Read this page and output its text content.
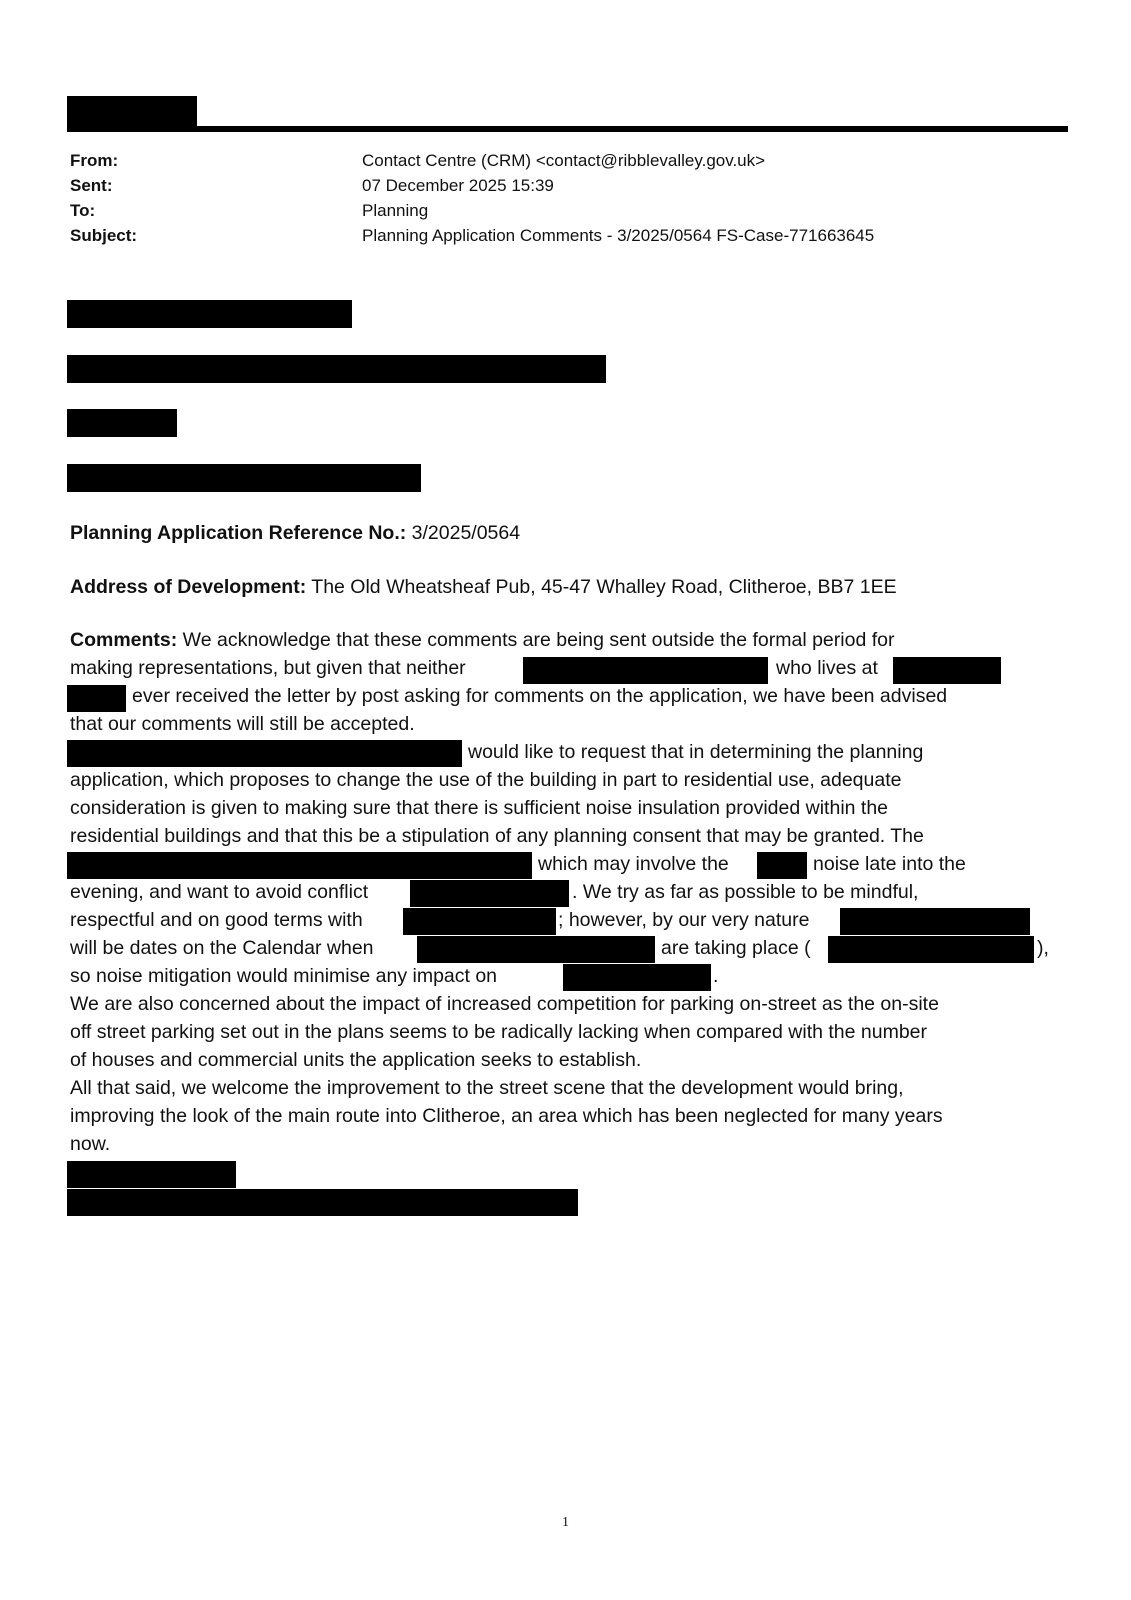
From:	Contact Centre (CRM) <contact@ribblevalley.gov.uk>
Sent:	07 December 2025 15:39
To:	Planning
Subject:	Planning Application Comments - 3/2025/0564 FS-Case-771663645
Planning Application Reference No.: 3/2025/0564
Address of Development: The Old Wheatsheaf Pub, 45-47 Whalley Road, Clitheroe, BB7 1EE
Comments: We acknowledge that these comments are being sent outside the formal period for
making representations, but given that neither	who lives at
ever received the letter by post asking for comments on the application, we have been advised
that our comments will still be accepted.
would like to request that in determining the planning
application, which proposes to change the use of the building in part to residential use, adequate
consideration is given to making sure that there is sufficient noise insulation provided within the
residential buildings and that this be a stipulation of any planning consent that may be granted. The
which may involve the	noise late into the
evening, and want to avoid conflict	. We try as far as possible to be mindful,
respectful and on good terms with	; however, by our very nature
will be dates on the Calendar when	are taking place (	),
so noise mitigation would minimise any impact on	.
We are also concerned about the impact of increased competition for parking on-street as the on-site
off street parking set out in the plans seems to be radically lacking when compared with the number
of houses and commercial units the application seeks to establish.
All that said, we welcome the improvement to the street scene that the development would bring,
improving the look of the main route into Clitheroe, an area which has been neglected for many years
now.
1
